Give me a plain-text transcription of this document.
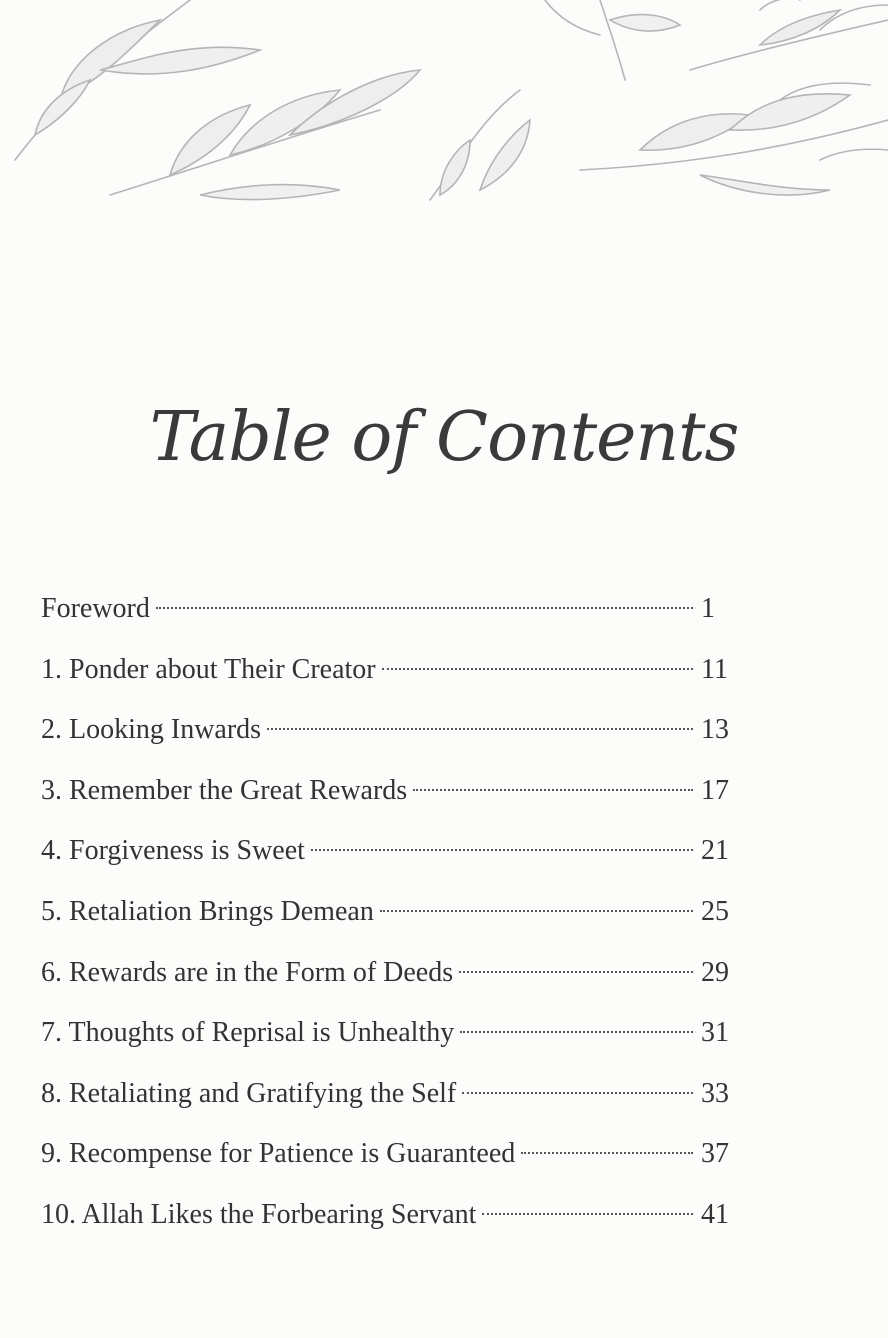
Table of Contents
Foreword	1
1. Ponder about Their Creator	11
2. Looking Inwards	13
3. Remember the Great Rewards	17
4. Forgiveness is Sweet	21
5. Retaliation Brings Demean	25
6. Rewards are in the Form of Deeds	29
7. Thoughts of Reprisal is Unhealthy	31
8. Retaliating and Gratifying the Self	33
9. Recompense for Patience is Guaranteed	37
10. Allah Likes the Forbearing Servant	41
